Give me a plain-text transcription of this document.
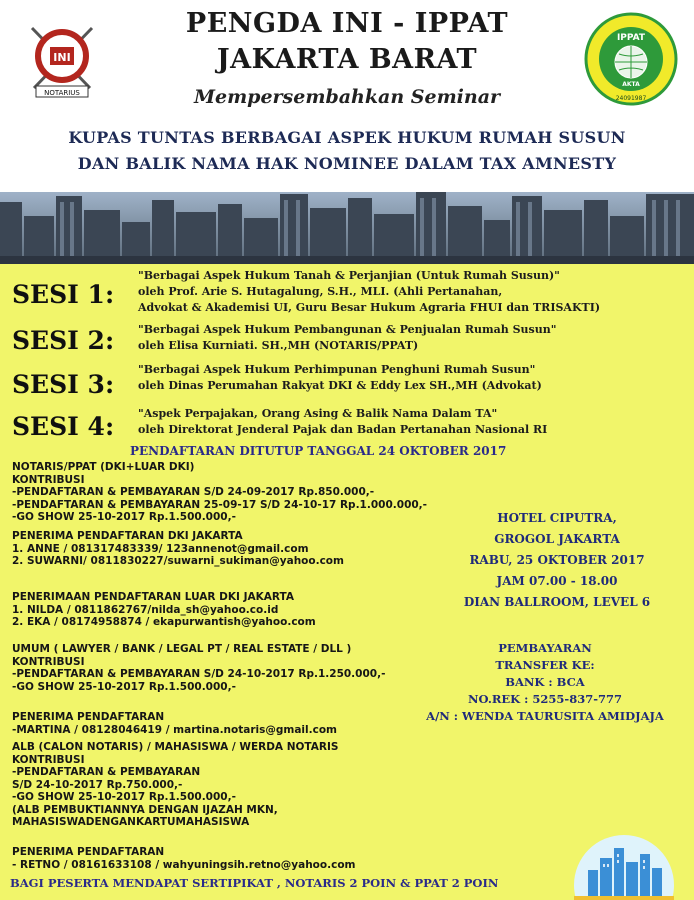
INI
NOTARIUS
PENGDA INI - IPPAT
JAKARTA BARAT
Mempersembahkan Seminar
IPPAT
AKTA
24091987
KUPAS TUNTAS BERBAGAI ASPEK HUKUM RUMAH SUSUN
DAN BALIK NAMA HAK NOMINEE DALAM TAX AMNESTY
SESI 1:
"Berbagai Aspek Hukum Tanah & Perjanjian (Untuk Rumah Susun)"
oleh Prof. Arie S. Hutagalung, S.H., MLI. (Ahli Pertanahan,
Advokat & Akademisi UI, Guru Besar Hukum Agraria FHUI dan TRISAKTI)
SESI 2: "Berbagai Aspek Hukum Pembangunan & Penjualan Rumah Susun"
oleh Elisa Kurniati. SH.,MH (NOTARIS/PPAT)
SESI 3:
"Berbagai Aspek Hukum Perhimpunan Penghuni Rumah Susun"
oleh Dinas Perumahan Rakyat DKI & Eddy Lex SH.,MH (Advokat)
SESI 4: "Aspek Perpajakan, Orang Asing & Balik Nama Dalam TA"
oleh Direktorat Jenderal Pajak dan Badan Pertanahan Nasional RI
PENDAFTARAN DITUTUP TANGGAL 24 OKTOBER 2017
NOTARIS/PPAT (DKI+LUAR DKI)
KONTRIBUSI
-PENDAFTARAN & PEMBAYARAN S/D 24-09-2017 Rp.850.000,-
-PENDAFTARAN & PEMBAYARAN 25-09-17 S/D 24-10-17 Rp.1.000.000,-
-GO SHOW 25-10-2017 Rp.1.500.000,-
PENERIMA PENDAFTARAN DKI JAKARTA
1. ANNE / 081317483339/ 123annenot@gmail.com
2. SUWARNI/ 0811830227/suwarni_sukiman@yahoo.com
PENERIMAAN PENDAFTARAN LUAR DKI JAKARTA
1. NILDA / 0811862767/nilda_sh@yahoo.co.id
2. EKA / 08174958874 / ekapurwantish@yahoo.com
UMUM ( LAWYER / BANK / LEGAL PT / REAL ESTATE / DLL )
KONTRIBUSI
-PENDAFTARAN & PEMBAYARAN S/D 24-10-2017 Rp.1.250.000,-
-GO SHOW 25-10-2017 Rp.1.500.000,-
PENERIMA PENDAFTARAN
-MARTINA / 08128046419 / martina.notaris@gmail.com
ALB (CALON NOTARIS) / MAHASISWA / WERDA NOTARIS
KONTRIBUSI
-PENDAFTARAN & PEMBAYARAN
S/D 24-10-2017 Rp.750.000,-
-GO SHOW 25-10-2017 Rp.1.500.000,-
(ALB PEMBUKTIANNYA DENGAN IJAZAH MKN,
MAHASISWADENGANKARTUMAHASISWA
PENERIMA PENDAFTARAN
- RETNO / 08161633108 / wahyuningsih.retno@yahoo.com
HOTEL CIPUTRA,
GROGOL JAKARTA
RABU, 25 OKTOBER 2017
JAM 07.00 - 18.00
DIAN BALLROOM, LEVEL 6
PEMBAYARAN
TRANSFER KE:
BANK : BCA
NO.REK : 5255-837-777
A/N : WENDA TAURUSITA AMIDJAJA
BAGI PESERTA MENDAPAT SERTIPIKAT , NOTARIS 2 POIN & PPAT 2 POIN
